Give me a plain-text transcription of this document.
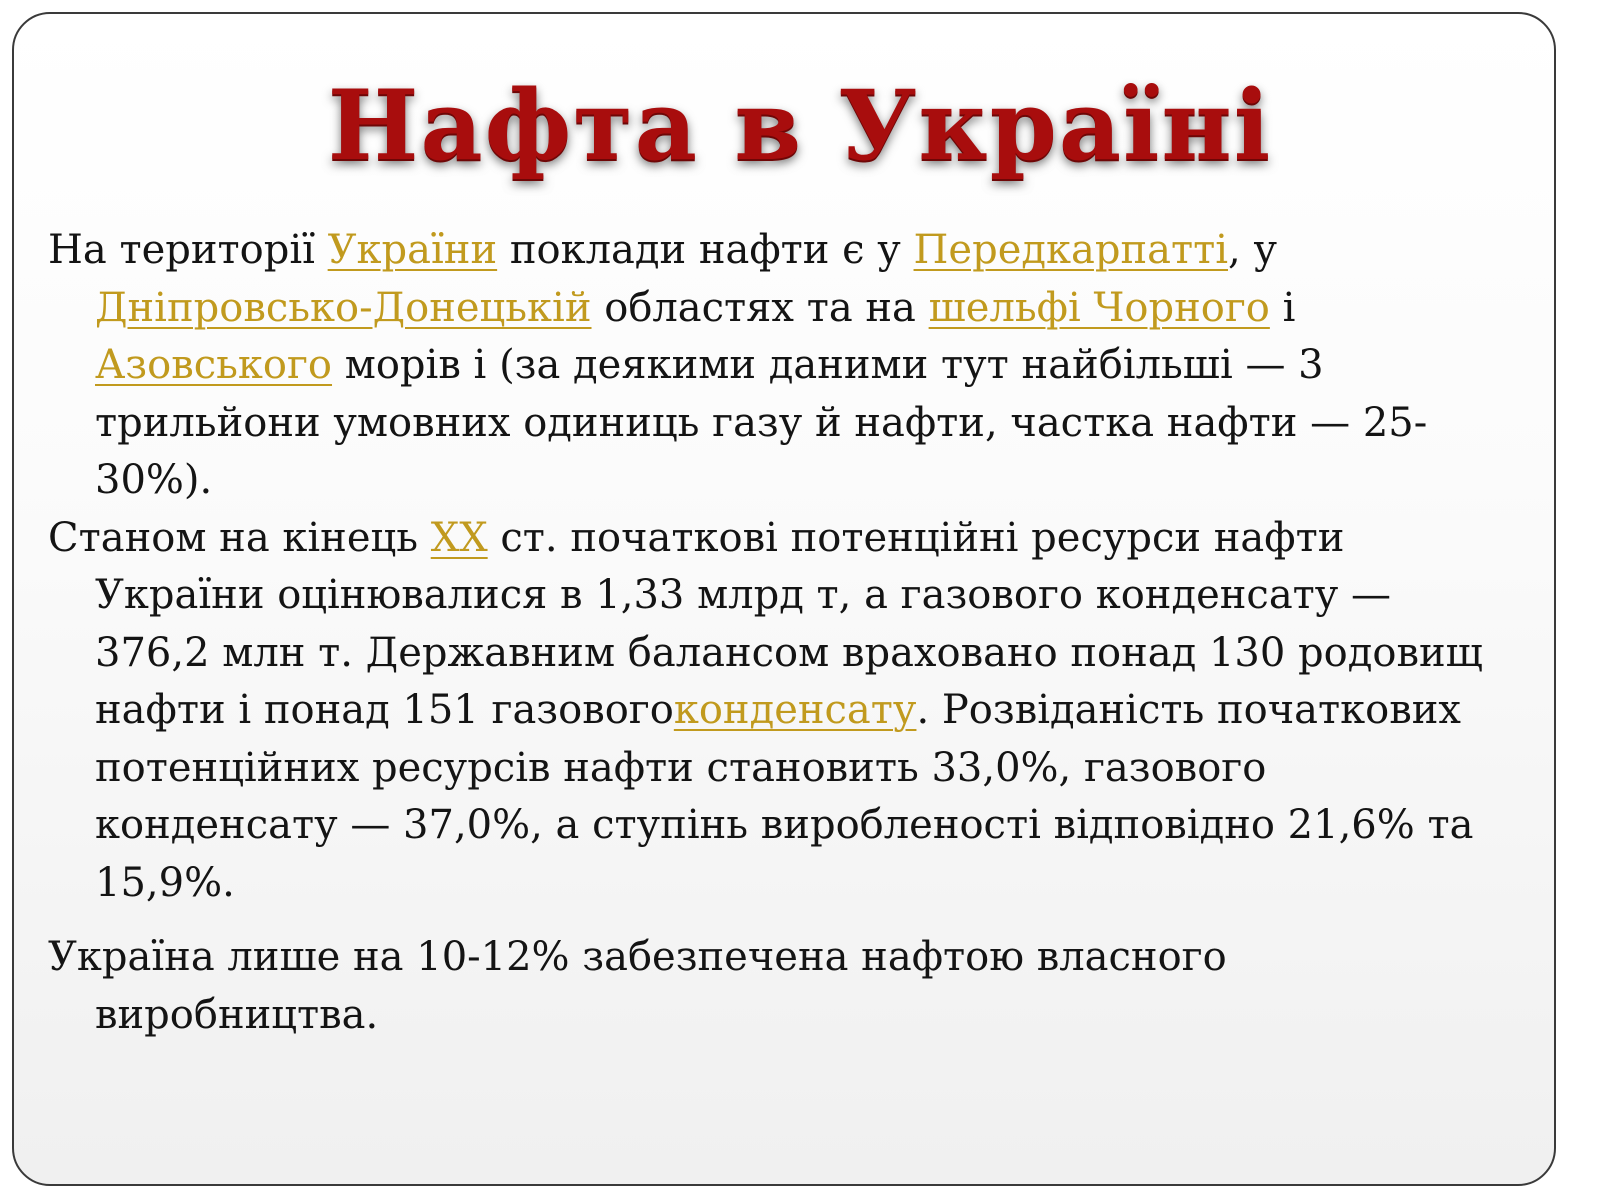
Нафта в Україні

На території України поклади нафти є у Передкарпатті, у Дніпровсько-Донецькій областях та на шельфі Чорного і Азовського морів і (за деякими даними тут найбільші — 3 трильйони умовних одиниць газу й нафти, частка нафти — 25-30%).
Станом на кінець XX ст. початкові потенційні ресурси нафти України оцінювалися в 1,33 млрд т, а газового конденсату — 376,2 млн т. Державним балансом враховано понад 130 родовищ нафти і понад 151 газовогоконденсату. Розвіданість початкових потенційних ресурсів нафти становить 33,0%, газового конденсату — 37,0%, а ступінь виробленості відповідно 21,6% та 15,9%.

Україна лише на 10-12% забезпечена нафтою власного виробництва.
